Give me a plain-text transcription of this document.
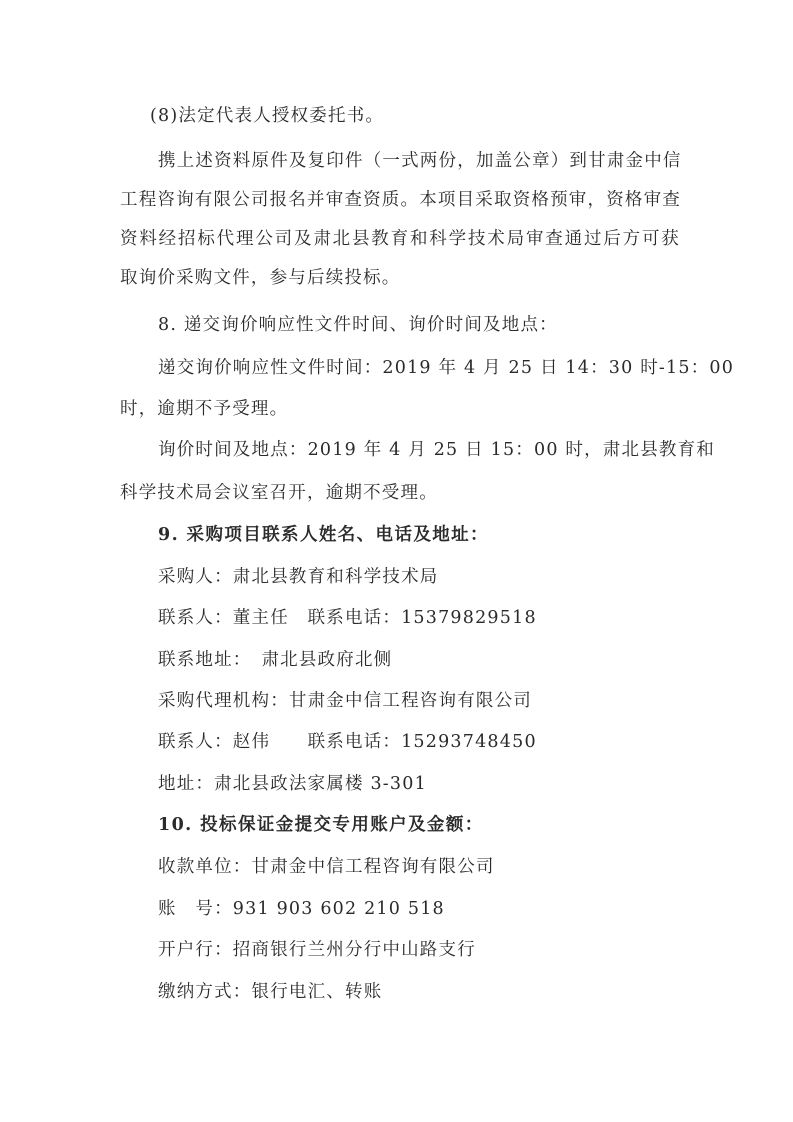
(8)法定代表人授权委托书。
携上述资料原件及复印件（一式两份，加盖公章）到甘肃金中信
工程咨询有限公司报名并审查资质。本项目采取资格预审，资格审查
资料经招标代理公司及肃北县教育和科学技术局审查通过后方可获
取询价采购文件，参与后续投标。
8. 递交询价响应性文件时间、询价时间及地点：
递交询价响应性文件时间：2019 年 4 月 25 日 14：30 时-15：00
时，逾期不予受理。
询价时间及地点：2019 年 4 月 25 日 15：00 时，肃北县教育和
科学技术局会议室召开，逾期不受理。
9. 采购项目联系人姓名、电话及地址：
采购人：肃北县教育和科学技术局
联系人：董主任　联系电话：15379829518
联系地址：　肃北县政府北侧
采购代理机构：甘肃金中信工程咨询有限公司
联系人：赵伟　　联系电话：15293748450
地址：肃北县政法家属楼 3-301
10. 投标保证金提交专用账户及金额：
收款单位：甘肃金中信工程咨询有限公司
账　号：931 903 602 210 518
开户行：招商银行兰州分行中山路支行
缴纳方式：银行电汇、转账
